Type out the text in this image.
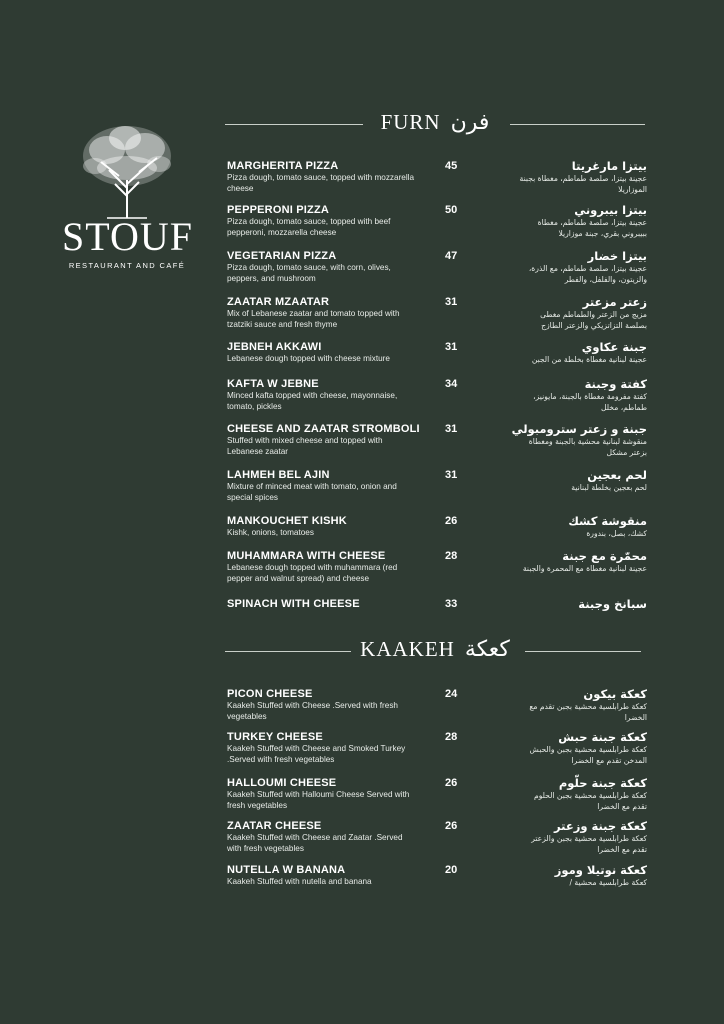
STOUF
RESTAURANT AND CAFÉ
FURN فرن
MARGHERITA PIZZA
Pizza dough, tomato sauce, topped with mozzarella cheese
45	بيتزا مارغريتا
عجينة بيتزا، صلصة طماطم، مغطاة بجبنة الموزاريلا
PEPPERONI PIZZA
Pizza dough, tomato sauce, topped with beef pepperoni, mozzarella cheese
50	بيتزا بيبروني
عجينة بيتزا، صلصة طماطم، مغطاة ببيبروني بقري، جبنة موزاريلا
VEGETARIAN PIZZA
Pizza dough, tomato sauce, with corn, olives, peppers, and mushroom
47	بيتزا خضار
عجينة بيتزا، صلصة طماطم، مع الذرة، والزيتون، والفلفل، والفطر
ZAATAR MZAATAR
Mix of Lebanese zaatar and tomato topped with tzatziki sauce and fresh thyme
31	زعتر مزعتر
مزيج من الزعتر والطماطم مغطى بصلصة التزاتزيكي والزعتر الطازج
JEBNEH AKKAWI
Lebanese dough topped with cheese mixture
31	جبنة عكاوي
عجينة لبنانية مغطاة بخلطة من الجبن
KAFTA W JEBNE
Minced kafta topped with cheese, mayonnaise, tomato, pickles
34	كفتة وجبنة
كفتة مفرومة مغطاة بالجبنة، مايونيز، طماطم، مخلل
CHEESE AND ZAATAR STROMBOLI
Stuffed with mixed cheese and topped with Lebanese zaatar
31	جبنة و زعتر سترومبولي
منقوشة لبنانية محشية بالجبنة ومغطاة بزعتر مشكل
LAHMEH BEL AJIN
Mixture of minced meat with tomato, onion and special spices
31	لحم بعجين
لحم بعجين بخلطة لبنانية
MANKOUCHET KISHK
Kishk, onions, tomatoes
26	منقوشة كشك
كشك، بصل، بندورة
MUHAMMARA WITH CHEESE
Lebanese dough topped with muhammara (red pepper and walnut spread) and cheese
28	محمّرة مع جبنة
عجينة لبنانية مغطاة مع المحمرة والجبنة
SPINACH WITH CHEESE	33	سبانخ وجبنة
KAAKEH كعكة
PICON CHEESE
Kaakeh Stuffed with Cheese .Served with fresh vegetables
24	كعكة بيكون
كعكة طرابلسية محشية بجبن تقدم مع الخضرا
TURKEY CHEESE
Kaakeh Stuffed with Cheese and Smoked Turkey .Served with fresh vegetables
28	كعكة جبنة حبش
كعكة طرابلسية محشية بجبن والحبش المدخن تقدم مع الخضرا
HALLOUMI CHEESE
Kaakeh Stuffed with Halloumi Cheese Served with fresh vegetables
26	كعكة جبنة حلّوم
كعكة طرابلسية محشية بجبن الحلوم تقدم مع الخضرا
ZAATAR CHEESE
Kaakeh Stuffed with Cheese and Zaatar .Served with fresh vegetables
26	كعكة جبنة وزعتر
كعكة طرابلسية محشية بجبن والزعتر تقدم مع الخضرا
NUTELLA W BANANA
Kaakeh Stuffed with nutella and banana
20	كعكة نوتيلا وموز
كعكة طرابلسية محشية /
